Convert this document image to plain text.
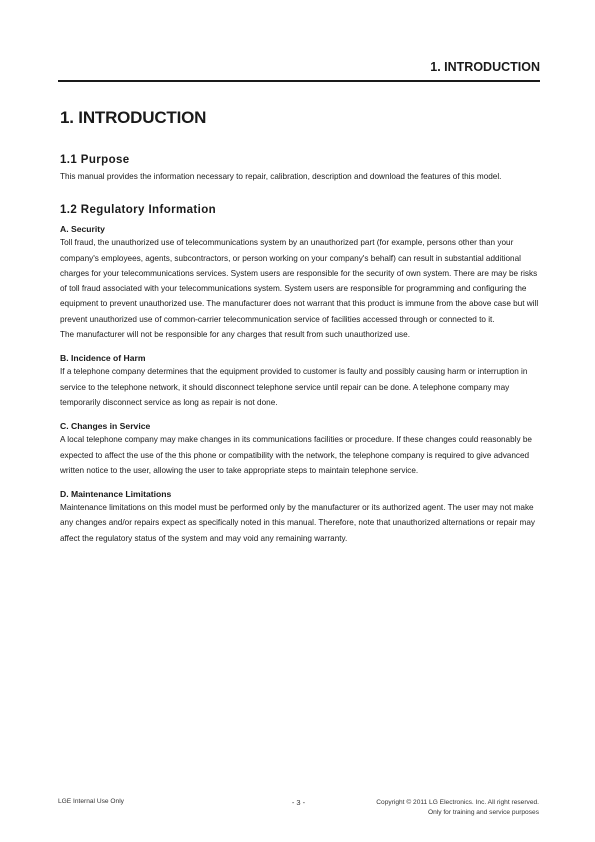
1. INTRODUCTION
1. INTRODUCTION
1.1 Purpose

This manual provides the information necessary to repair, calibration, description and download the features of this model.

1.2 Regulatory Information
A. Security

Toll fraud, the unauthorized use of telecommunications system by an unauthorized part (for example, persons other than your company's employees, agents, subcontractors, or person working on your company's behalf) can result in substantial additional charges for your telecommunications services. System users are responsible for the security of own system. There are may be risks of toll fraud associated with your telecommunications system. System users are responsible for programming and configuring the equipment to prevent unauthorized use. The manufacturer does not warrant that this product is immune from the above case but will prevent unauthorized use of common-carrier telecommunication service of facilities accessed through or connected to it.

The manufacturer will not be responsible for any charges that result from such unauthorized use.

B. Incidence of Harm

If a telephone company determines that the equipment provided to customer is faulty and possibly causing harm or interruption in service to the telephone network, it should disconnect telephone service until repair can be done. A telephone company may temporarily disconnect service as long as repair is not done.

C. Changes in Service

A local telephone company may make changes in its communications facilities or procedure. If these changes could reasonably be expected to affect the use of the this phone or compatibility with the network, the telephone company is required to give advanced written notice to the user, allowing the user to take appropriate steps to maintain telephone service.

D. Maintenance Limitations

Maintenance limitations on this model must be performed only by the manufacturer or its authorized agent. The user may not make any changes and/or repairs expect as specifically noted in this manual. Therefore, note that unauthorized alternations or repair may affect the regulatory status of the system and may void any remaining warranty.

LGE Internal Use Only	- 3 -	Copyright © 2011 LG Electronics. Inc. All right reserved.
Only for training and service purposes
